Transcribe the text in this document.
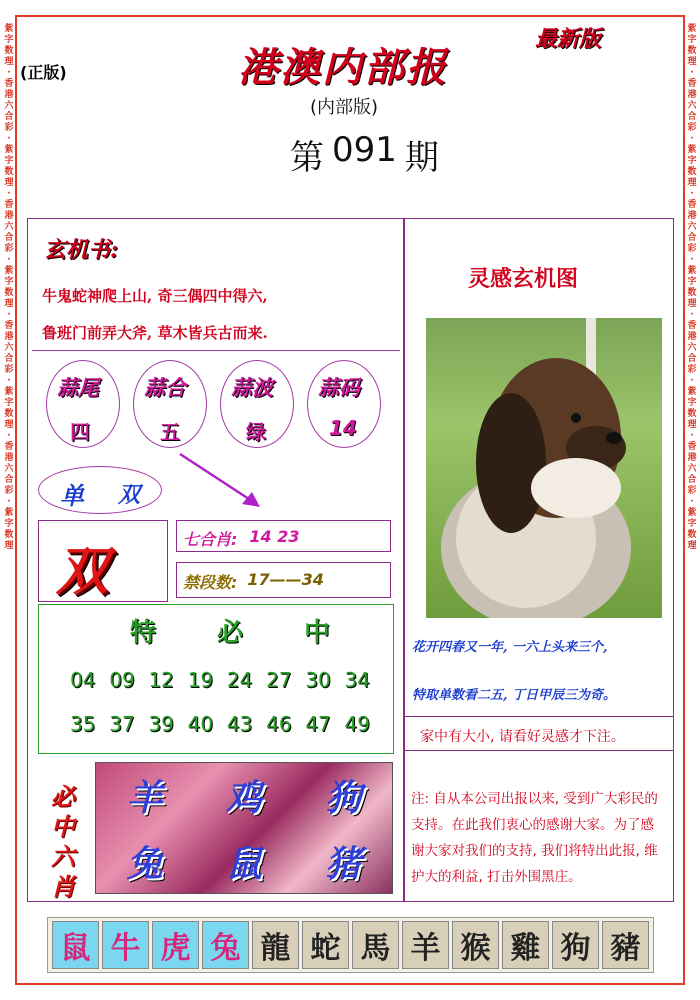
紫字数理·香港六合彩·紫字数理·香港六合彩·紫字数理·香港六合彩·紫字数理·香港六合彩·紫字数理
紫字数理·香港六合彩·紫字数理·香港六合彩·紫字数理·香港六合彩·紫字数理·香港六合彩·紫字数理
(正版)	港澳内部报
最新版
(内部版)
第 091 期
玄机书:
牛鬼蛇神爬上山, 奇三偶四中得六,
鲁班门前弄大斧, 草木皆兵古而来.
蒜尾
四
蒜合
五
蒜波
绿
蒜码
14
单 双
双
七合肖: 14 23
禁段数: 17——34
特 必 中
04 09 12 19 24 27 30 34
35 37 39 40 43 46 47 49
必中六肖
羊	鸡	狗
兔	鼠	猪
灵感玄机图
花开四春又一年, 一六上头来三个,
特取单数看二五, 丁日甲辰三为奇。
家中有大小, 请看好灵感才下注。
注: 自从本公司出报以来, 受到广大彩民的支持。在此我们衷心的感谢大家。为了感谢大家对我们的支持, 我们将特出此报, 维护大的利益, 打击外围黑庄。
鼠 牛 虎 兔 龍 蛇 馬 羊 猴 雞 狗 豬
